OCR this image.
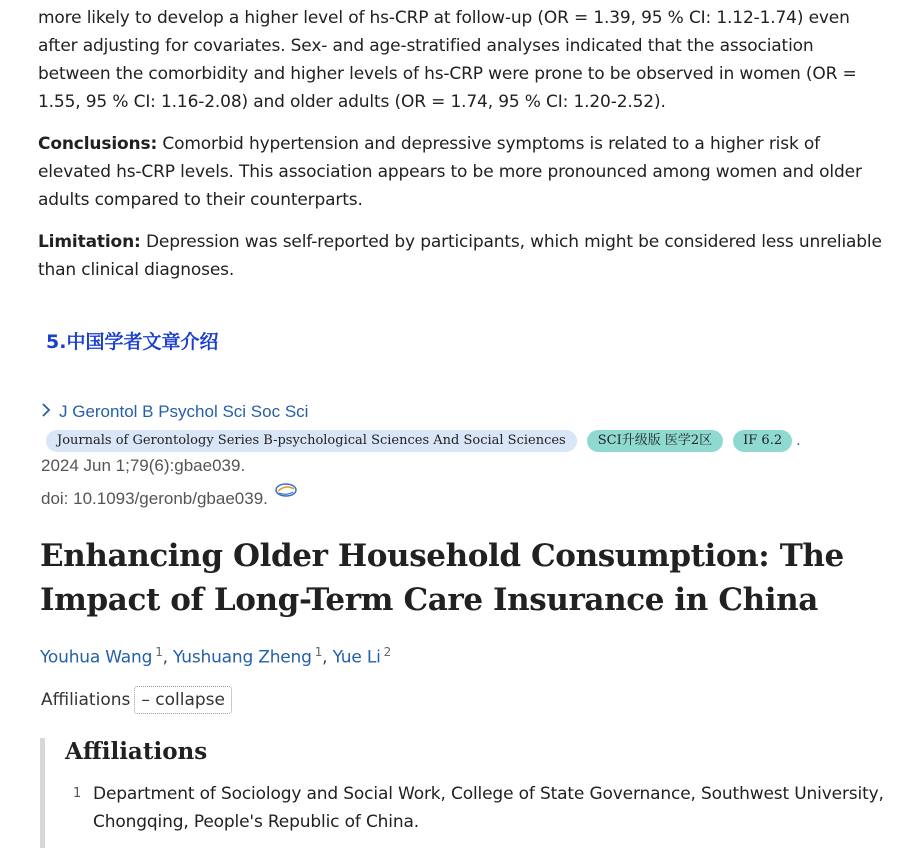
more likely to develop a higher level of hs-CRP at follow-up (OR = 1.39, 95 % CI: 1.12-1.74) even after adjusting for covariates. Sex- and age-stratified analyses indicated that the association between the comorbidity and higher levels of hs-CRP were prone to be observed in women (OR = 1.55, 95 % CI: 1.16-2.08) and older adults (OR = 1.74, 95 % CI: 1.20-2.52).

Conclusions: Comorbid hypertension and depressive symptoms is related to a higher risk of elevated hs-CRP levels. This association appears to be more pronounced among women and older adults compared to their counterparts.

Limitation: Depression was self-reported by participants, which might be considered less unreliable than clinical diagnoses.

5.中国学者文章介绍
J Gerontol B Psychol Sci Soc Sci
Journals of Gerontology Series B-psychological Sciences And Social Sciences	SCI升级版 医学2区	IF 6.2	.
2024 Jun 1;79(6):gbae039.
doi: 10.1093/geronb/gbae039.
Enhancing Older Household Consumption: The Impact of Long-Term Care Insurance in China
Youhua Wang $^1$, Yushuang Zheng $^1$, Yue Li $^2$
Affiliations – collapse
Affiliations
1 Department of Sociology and Social Work, College of State Governance, Southwest University, Chongqing, People's Republic of China.
